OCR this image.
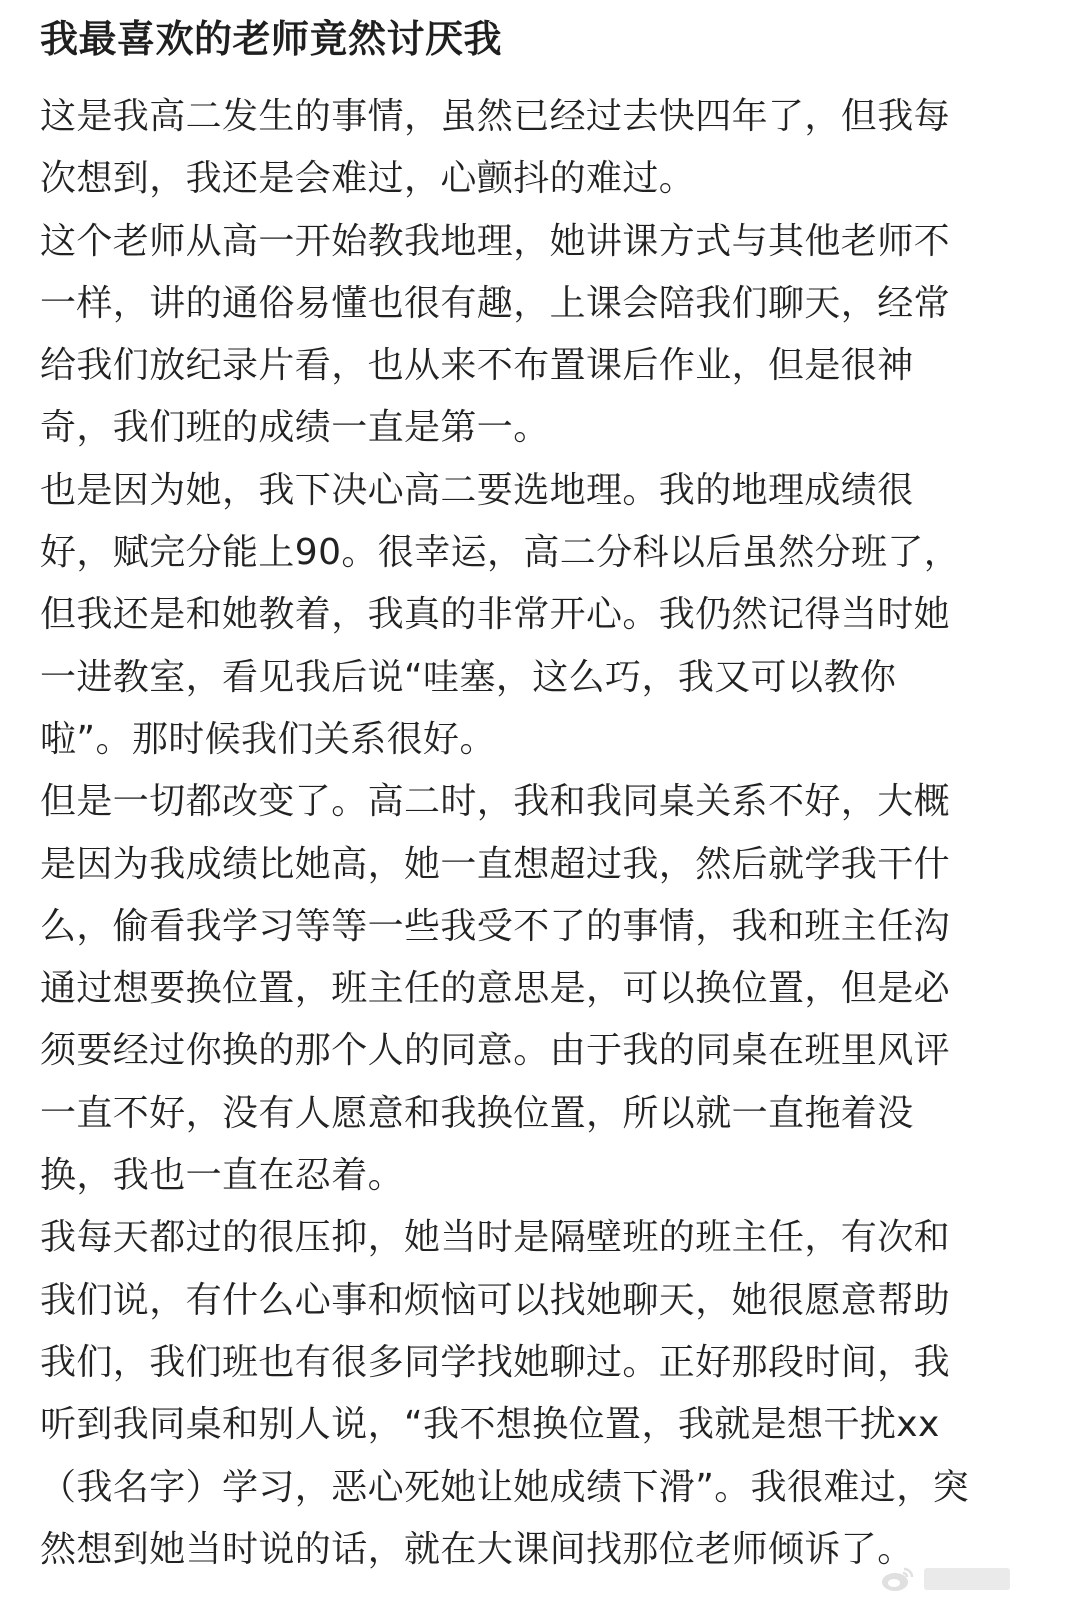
我最喜欢的老师竟然讨厌我

这是我高二发生的事情，虽然已经过去快四年了，但我每
次想到，我还是会难过，心颤抖的难过。

这个老师从高一开始教我地理，她讲课方式与其他老师不
一样，讲的通俗易懂也很有趣，上课会陪我们聊天，经常
给我们放纪录片看，也从来不布置课后作业，但是很神
奇，我们班的成绩一直是第一。

也是因为她，我下决心高二要选地理。我的地理成绩很
好，赋完分能上90。很幸运，高二分科以后虽然分班了，
但我还是和她教着，我真的非常开心。我仍然记得当时她
一进教室，看见我后说“哇塞，这么巧，我又可以教你
啦”。那时候我们关系很好。

但是一切都改变了。高二时，我和我同桌关系不好，大概
是因为我成绩比她高，她一直想超过我，然后就学我干什
么，偷看我学习等等一些我受不了的事情，我和班主任沟
通过想要换位置，班主任的意思是，可以换位置，但是必
须要经过你换的那个人的同意。由于我的同桌在班里风评
一直不好，没有人愿意和我换位置，所以就一直拖着没
换，我也一直在忍着。

我每天都过的很压抑，她当时是隔壁班的班主任，有次和
我们说，有什么心事和烦恼可以找她聊天，她很愿意帮助
我们，我们班也有很多同学找她聊过。正好那段时间，我
听到我同桌和别人说，“我不想换位置，我就是想干扰xx
（我名字）学习，恶心死她让她成绩下滑”。我很难过，突
然想到她当时说的话，就在大课间找那位老师倾诉了。
